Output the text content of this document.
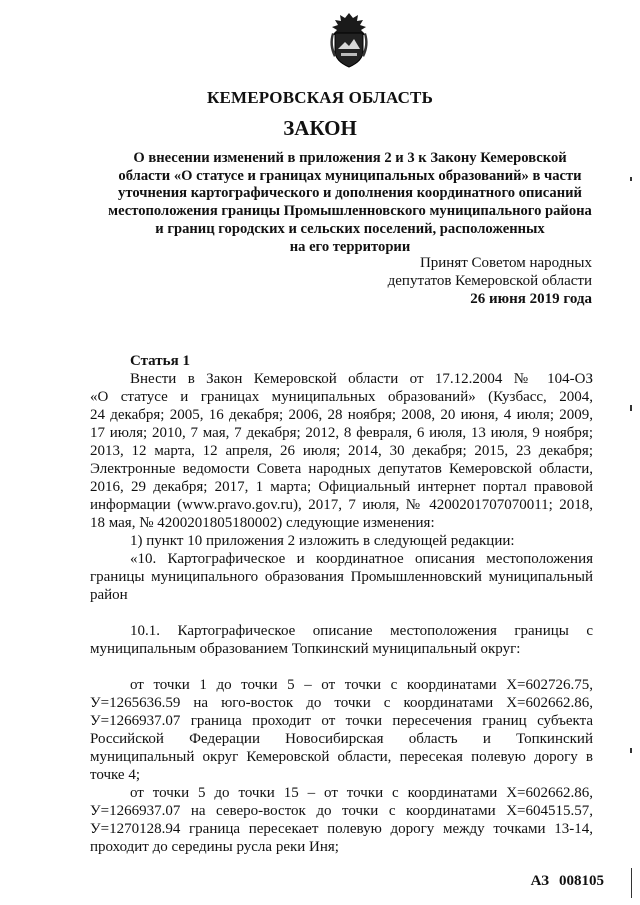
КЕМЕРОВСКАЯ ОБЛАСТЬ
ЗАКОН
О внесении изменений в приложения 2 и 3 к Закону Кемеровской
области «О статусе и границах муниципальных образований» в части
уточнения картографического и дополнения координатного описаний
местоположения границы Промышленновского муниципального района
и границ городских и сельских поселений, расположенных
на его территории
Принят Советом народных
депутатов Кемеровской области
26 июня 2019 года
Статья 1
Внести в Закон Кемеровской области от 17.12.2004 № 104-ОЗ
«О статусе и границах муниципальных образований» (Кузбасс, 2004,
24 декабря; 2005, 16 декабря; 2006, 28 ноября; 2008, 20 июня, 4 июля; 2009,
17 июля; 2010, 7 мая, 7 декабря; 2012, 8 февраля, 6 июля, 13 июля, 9 ноября;
2013, 12 марта, 12 апреля, 26 июля; 2014, 30 декабря; 2015, 23 декабря;
Электронные ведомости Совета народных депутатов Кемеровской области,
2016, 29 декабря; 2017, 1 марта; Официальный интернет портал правовой
информации (www.pravo.gov.ru), 2017, 7 июля, № 4200201707070011; 2018,
18 мая, № 4200201805180002) следующие изменения:
1) пункт 10 приложения 2 изложить в следующей редакции:
«10. Картографическое и координатное описания местоположения
границы муниципального образования Промышленновский муниципальный
район
10.1. Картографическое описание местоположения границы с
муниципальным образованием Топкинский муниципальный округ:
от точки 1 до точки 5 – от точки с координатами X=602726.75,
У=1265636.59 на юго-восток до точки с координатами X=602662.86,
У=1266937.07 граница проходит от точки пересечения границ субъекта
Российской Федерации Новосибирская область и Топкинский
муниципальный округ Кемеровской области, пересекая полевую дорогу в
точке 4;
от точки 5 до точки 15 – от точки с координатами X=602662.86,
У=1266937.07 на северо-восток до точки с координатами X=604515.57,
У=1270128.94 граница пересекает полевую дорогу между точками 13-14,
проходит до середины русла реки Иня;
АЗ 008105
